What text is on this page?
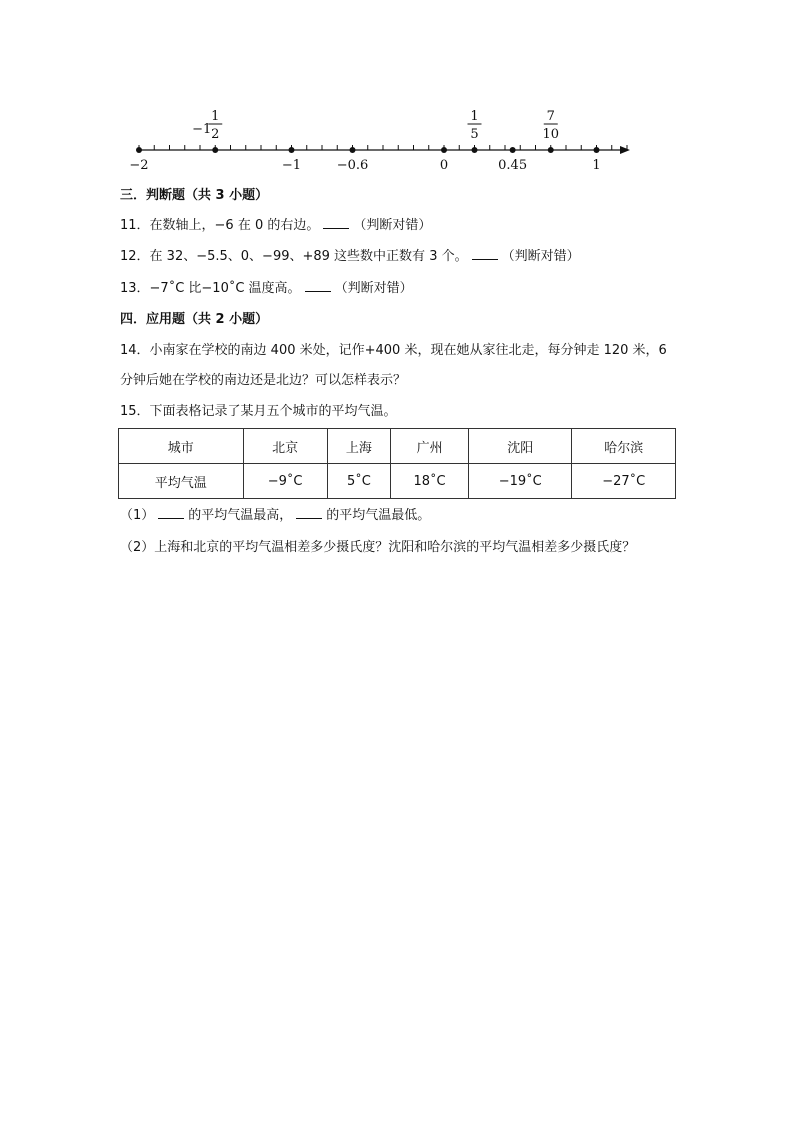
−2	−1	−0.6	0	0.45	1
−1
1
2
1
5
7
10
三．判断题（共 3 小题）
11．在数轴上，−6 在 0 的右边。	（判断对错）
12．在 32、−5.5、0、−99、+89 这些数中正数有 3 个。	（判断对错）
13．−7˚C 比−10˚C 温度高。	（判断对错）
四．应用题（共 2 小题）
14．小南家在学校的南边 400 米处，记作+400 米，现在她从家往北走，每分钟走 120 米，6
分钟后她在学校的南边还是北边？可以怎样表示？
15．下面表格记录了某月五个城市的平均气温。
城市	北京	上海	广州	沈阳	哈尔滨
平均气温	−9˚C	5˚C	18˚C	−19˚C	−27˚C
（1）	的平均气温最高，	的平均气温最低。
（2）上海和北京的平均气温相差多少摄氏度？沈阳和哈尔滨的平均气温相差多少摄氏度？
